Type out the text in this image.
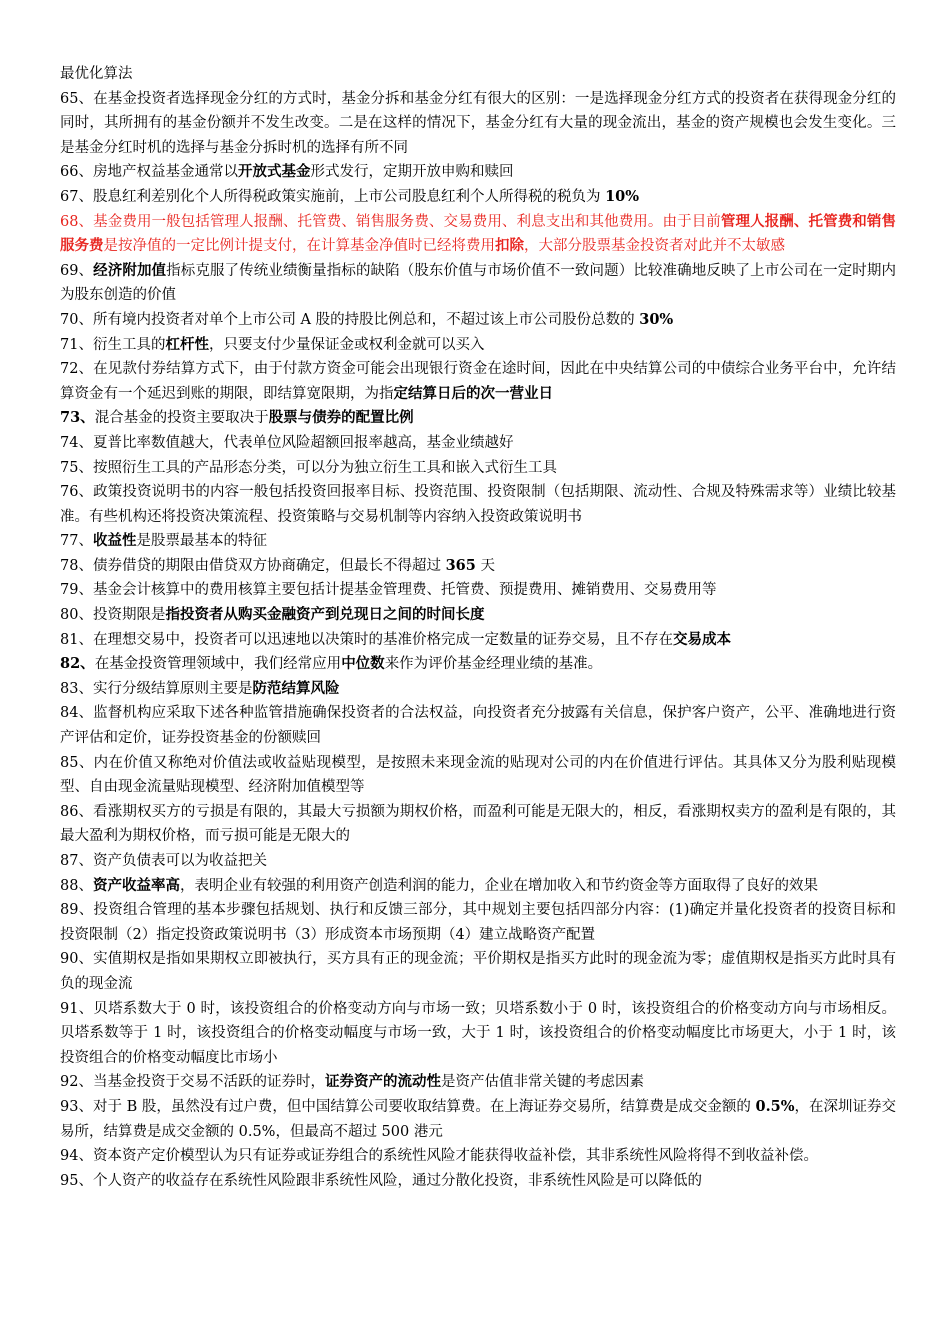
最优化算法

65、在基金投资者选择现金分红的方式时，基金分拆和基金分红有很大的区别：一是选择现金分红方式的投资者在获得现金分红的同时，其所拥有的基金份额并不发生改变。二是在这样的情况下，基金分红有大量的现金流出，基金的资产规模也会发生变化。三是基金分红时机的选择与基金分拆时机的选择有所不同

66、房地产权益基金通常以开放式基金形式发行，定期开放申购和赎回

67、股息红利差别化个人所得税政策实施前，上市公司股息红利个人所得税的税负为 10%

68、基金费用一般包括管理人报酬、托管费、销售服务费、交易费用、利息支出和其他费用。由于目前管理人报酬、托管费和销售服务费是按净值的一定比例计提支付，在计算基金净值时已经将费用扣除，大部分股票基金投资者对此并不太敏感

69、经济附加值指标克服了传统业绩衡量指标的缺陷（股东价值与市场价值不一致问题）比较准确地反映了上市公司在一定时期内为股东创造的价值

70、所有境内投资者对单个上市公司 A 股的持股比例总和，不超过该上市公司股份总数的 30%

71、衍生工具的杠杆性，只要支付少量保证金或权利金就可以买入

72、在见款付券结算方式下，由于付款方资金可能会出现银行资金在途时间，因此在中央结算公司的中债综合业务平台中，允许结算资金有一个延迟到账的期限，即结算宽限期，为指定结算日后的次一营业日

73、混合基金的投资主要取决于股票与债券的配置比例

74、夏普比率数值越大，代表单位风险超额回报率越高，基金业绩越好

75、按照衍生工具的产品形态分类，可以分为独立衍生工具和嵌入式衍生工具

76、政策投资说明书的内容一般包括投资回报率目标、投资范围、投资限制（包括期限、流动性、合规及特殊需求等）业绩比较基准。有些机构还将投资决策流程、投资策略与交易机制等内容纳入投资政策说明书

77、收益性是股票最基本的特征

78、债券借贷的期限由借贷双方协商确定，但最长不得超过 365 天

79、基金会计核算中的费用核算主要包括计提基金管理费、托管费、预提费用、摊销费用、交易费用等

80、投资期限是指投资者从购买金融资产到兑现日之间的时间长度

81、在理想交易中，投资者可以迅速地以决策时的基准价格完成一定数量的证券交易，且不存在交易成本

82、在基金投资管理领域中，我们经常应用中位数来作为评价基金经理业绩的基准。

83、实行分级结算原则主要是防范结算风险

84、监督机构应采取下述各种监管措施确保投资者的合法权益，向投资者充分披露有关信息，保护客户资产，公平、准确地进行资产评估和定价，证券投资基金的份额赎回

85、内在价值又称绝对价值法或收益贴现模型，是按照未来现金流的贴现对公司的内在价值进行评估。其具体又分为股利贴现模型、自由现金流量贴现模型、经济附加值模型等

86、看涨期权买方的亏损是有限的，其最大亏损额为期权价格，而盈利可能是无限大的，相反，看涨期权卖方的盈利是有限的，其最大盈利为期权价格，而亏损可能是无限大的

87、资产负债表可以为收益把关

88、资产收益率高，表明企业有较强的利用资产创造利润的能力，企业在增加收入和节约资金等方面取得了良好的效果

89、投资组合管理的基本步骤包括规划、执行和反馈三部分，其中规划主要包括四部分内容：(1)确定并量化投资者的投资目标和投资限制（2）指定投资政策说明书（3）形成资本市场预期（4）建立战略资产配置

90、实值期权是指如果期权立即被执行，买方具有正的现金流；平价期权是指买方此时的现金流为零；虚值期权是指买方此时具有负的现金流

91、贝塔系数大于 0 时，该投资组合的价格变动方向与市场一致；贝塔系数小于 0 时，该投资组合的价格变动方向与市场相反。贝塔系数等于 1 时，该投资组合的价格变动幅度与市场一致，大于 1 时，该投资组合的价格变动幅度比市场更大，小于 1 时，该投资组合的价格变动幅度比市场小

92、当基金投资于交易不活跃的证券时，证券资产的流动性是资产估值非常关键的考虑因素

93、对于 B 股，虽然没有过户费，但中国结算公司要收取结算费。在上海证券交易所，结算费是成交金额的 0.5%，在深圳证券交易所，结算费是成交金额的 0.5%，但最高不超过 500 港元

94、资本资产定价模型认为只有证券或证券组合的系统性风险才能获得收益补偿，其非系统性风险将得不到收益补偿。

95、个人资产的收益存在系统性风险跟非系统性风险，通过分散化投资，非系统性风险是可以降低的
